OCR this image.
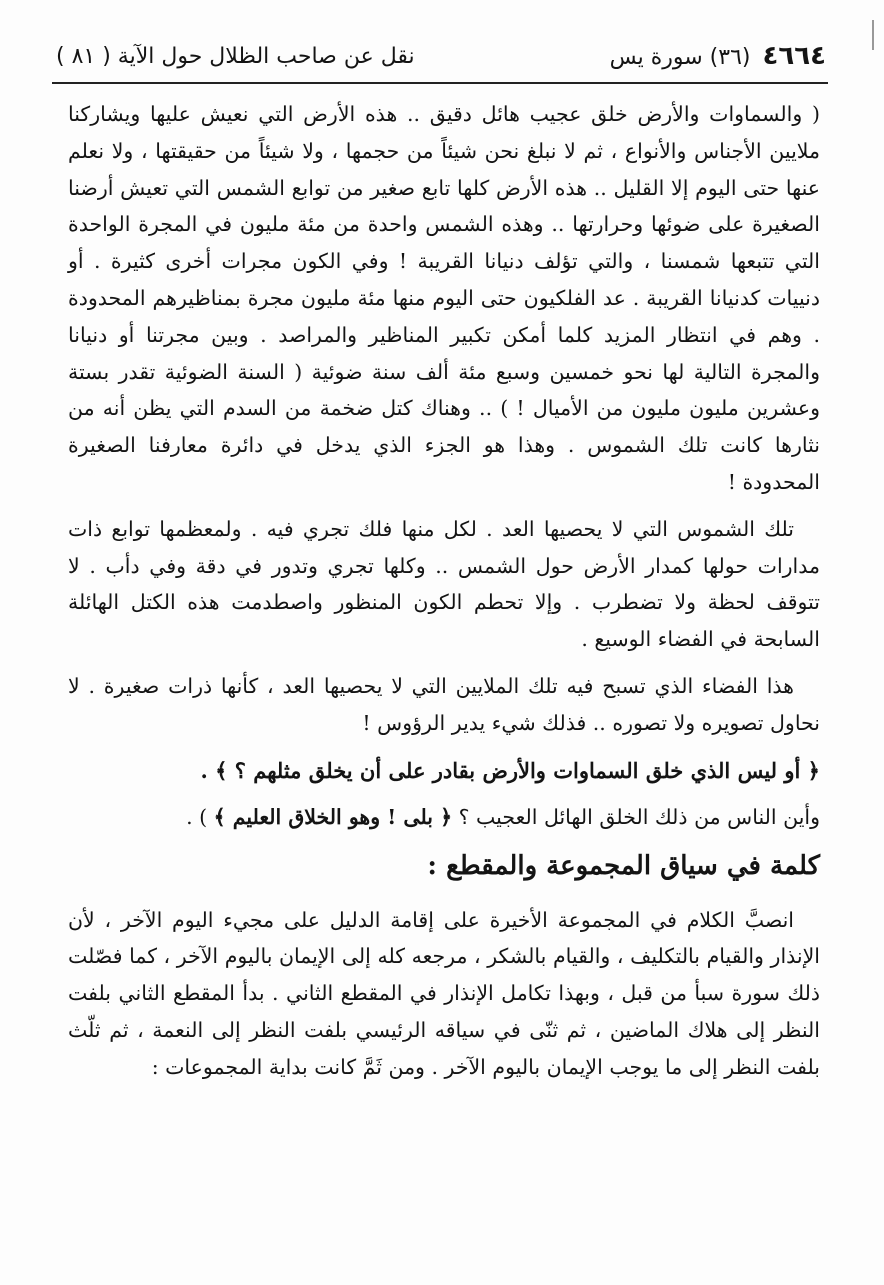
٤٦٦٤
(٣٦) سورة يس
نقل عن صاحب الظلال حول الآية ( ٨١ )

( والسماوات والأرض خلق عجيب هائل دقيق .. هذه الأرض التي نعيش عليها ويشاركنا ملايين الأجناس والأنواع ، ثم لا نبلغ نحن شيئاً من حجمها ، ولا شيئاً من حقيقتها ، ولا نعلم عنها حتى اليوم إلا القليل .. هذه الأرض كلها تابع صغير من توابع الشمس التي تعيش أرضنا الصغيرة على ضوئها وحرارتها .. وهذه الشمس واحدة من مئة مليون في المجرة الواحدة التي تتبعها شمسنا ، والتي تؤلف دنيانا القريبة ! وفي الكون مجرات أخرى كثيرة . أو دنييات كدنيانا القريبة . عد الفلكيون حتى اليوم منها مئة مليون مجرة بمناظيرهم المحدودة . وهم في انتظار المزيد كلما أمكن تكبير المناظير والمراصد . وبين مجرتنا أو دنيانا والمجرة التالية لها نحو خمسين وسبع مئة ألف سنة ضوئية ( السنة الضوئية تقدر بستة وعشرين مليون مليون من الأميال ! ) .. وهناك كتل ضخمة من السدم التي يظن أنه من نثارها كانت تلك الشموس . وهذا هو الجزء الذي يدخل في دائرة معارفنا الصغيرة المحدودة !

تلك الشموس التي لا يحصيها العد . لكل منها فلك تجري فيه . ولمعظمها توابع ذات مدارات حولها كمدار الأرض حول الشمس .. وكلها تجري وتدور في دقة وفي دأب . لا تتوقف لحظة ولا تضطرب . وإلا تحطم الكون المنظور واصطدمت هذه الكتل الهائلة السابحة في الفضاء الوسيع .

هذا الفضاء الذي تسبح فيه تلك الملايين التي لا يحصيها العد ، كأنها ذرات صغيرة . لا نحاول تصويره ولا تصوره .. فذلك شيء يدير الرؤوس !

﴿ أو ليس الذي خلق السماوات والأرض بقادر على أن يخلق مثلهم ؟ ﴾ .

وأين الناس من ذلك الخلق الهائل العجيب ؟ ﴿ بلى ! وهو الخلاق العليم ﴾ ) .

كلمة في سياق المجموعة والمقطع :

انصبَّ الكلام في المجموعة الأخيرة على إقامة الدليل على مجيء اليوم الآخر ، لأن الإنذار والقيام بالتكليف ، والقيام بالشكر ، مرجعه كله إلى الإيمان باليوم الآخر ، كما فصّلت ذلك سورة سبأ من قبل ، وبهذا تكامل الإنذار في المقطع الثاني . بدأ المقطع الثاني بلفت النظر إلى هلاك الماضين ، ثم ثنّى في سياقه الرئيسي بلفت النظر إلى النعمة ، ثم ثلّث بلفت النظر إلى ما يوجب الإيمان باليوم الآخر . ومن ثَمَّ كانت بداية المجموعات :
